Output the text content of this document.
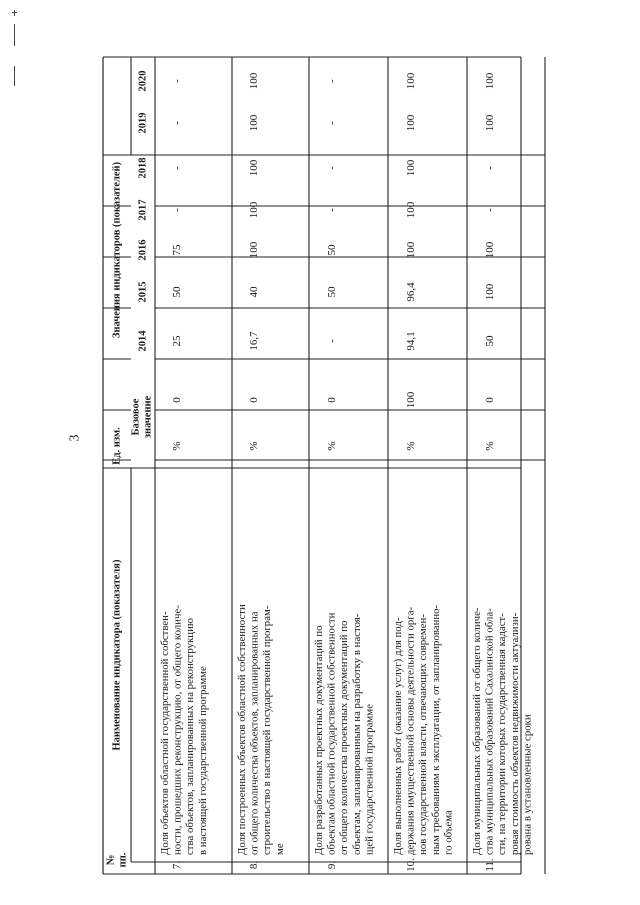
3
№ пп.
Наименование индикатора (показателя)
Ед. изм.
Значения индикаторов (показателей)
Базовое значение
2014
2015
2016
2017
2018
2019
2020
7.
Доля объектов областной государственной собствен- ности, прошедших реконструкцию, от общего количе- ства объектов, запланированных на реконструкцию в настоящей государственной программе
%
0
25
50
75
-
-
-
-
8.
Доля построенных объектов областной собственности от общего количества объектов, запланированных на строительство в настоящей государственной програм- ме
%
0
16,7
40
100
100
100
100
100
9.
Доля разработанных проектных документаций по объектам областной государственной собственности от общего количества проектных документаций по объектам, запланированным на разработку в настоя- щей государственной программе
%
0
-
50
50
-
-
-
-
10.
Доля выполненных работ (оказание услуг) для под- держания имущественной основы деятельности орга- нов государственной власти, отвечающих современ- ным требованиям к эксплуатации, от запланированно- го объема
%
100
94,1
96,4
100
100
100
100
100
11.
Доля муниципальных образований от общего количе- ства муниципальных образований Сахалинской обла- сти, на территории которых государственная кадаст- ровая стоимость объектов недвижимости актуализи- рована в установленные сроки
%
0
50
100
100
-
-
100
100
